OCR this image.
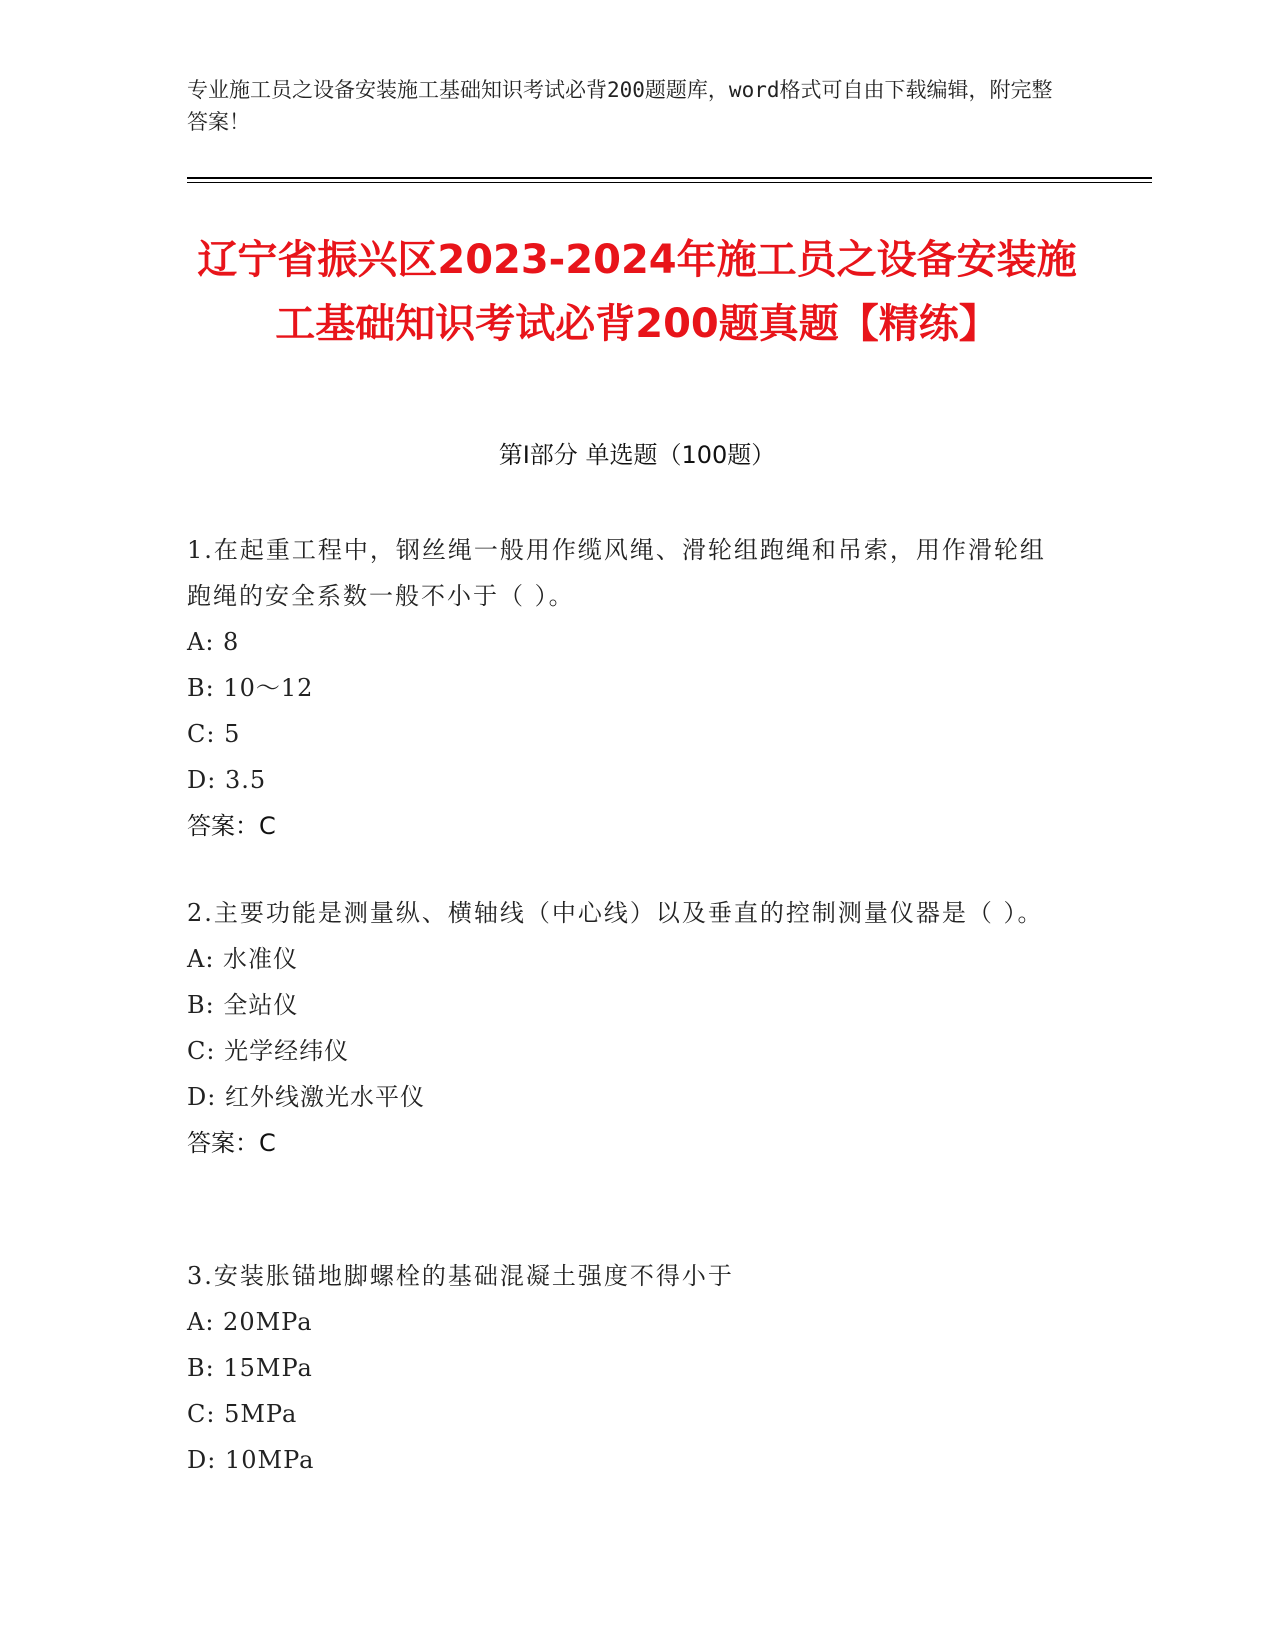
专业施工员之设备安装施工基础知识考试必背200题题库，word格式可自由下载编辑，附完整答案！

辽宁省振兴区2023-2024年施工员之设备安装施工基础知识考试必背200题真题【精练】
第Ⅰ部分 单选题（100题）

1.在起重工程中，钢丝绳一般用作缆风绳、滑轮组跑绳和吊索，用作滑轮组跑绳的安全系数一般不小于（ ）。

A: 8

B: 10～12

C: 5

D: 3.5

答案：C

2.主要功能是测量纵、横轴线（中心线）以及垂直的控制测量仪器是（ ）。

A: 水准仪

B: 全站仪

C: 光学经纬仪

D: 红外线激光水平仪

答案：C

3.安装胀锚地脚螺栓的基础混凝土强度不得小于

A: 20MPa

B: 15MPa

C: 5MPa

D: 10MPa
